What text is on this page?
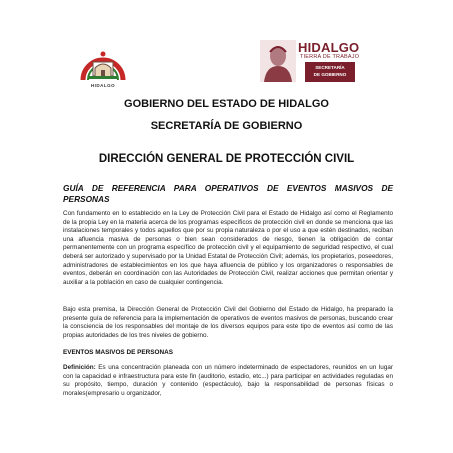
HIDALGO
HIDALGO
TIERRA DE TRABAJO
SECRETARÍA
DE GOBIERNO
GOBIERNO DEL ESTADO DE HIDALGO
SECRETARÍA DE GOBIERNO
DIRECCIÓN GENERAL DE PROTECCIÓN CIVIL
GUÍA DE REFERENCIA PARA OPERATIVOS DE EVENTOS MASIVOS DE PERSONAS
Con fundamento en lo establecido en la Ley de Protección Civil para el Estado de Hidalgo así como el Reglamento de la propia Ley en la materia acerca de los programas específicos de protección civil en donde se menciona que las instalaciones temporales y todos aquellos que por su propia naturaleza o por el uso a que estén destinados, reciban una afluencia masiva de personas o bien sean considerados de riesgo, tienen la obligación de contar permanentemente con un programa específico de protección civil y el equipamiento de seguridad respectivo, el cual deberá ser autorizado y supervisado por la Unidad Estatal de Protección Civil; además, los propietarios, poseedores, administradores de establecimientos en los que haya afluencia de público y los organizadores o responsables de eventos, deberán en coordinación con las Autoridades de Protección Civil, realizar acciones que permitan orientar y auxiliar a la población en caso de cualquier contingencia.
Bajo esta premisa, la Dirección General de Protección Civil del Gobierno del Estado de Hidalgo, ha preparado la presente guía de referencia para la implementación de operativos de eventos masivos de personas, buscando crear la consciencia de los responsables del montaje de los diversos equipos para este tipo de eventos así como de las propias autoridades de los tres niveles de gobierno.
EVENTOS MASIVOS DE PERSONAS
Definición: Es una concentración planeada con un número indeterminado de espectadores, reunidos en un lugar con la capacidad e infraestructura para este fin (auditorio, estadio, etc...) para participar en actividades reguladas en su propósito, tiempo, duración y contenido (espectáculo), bajo la responsabilidad de personas físicas o morales(empresario u organizador,
